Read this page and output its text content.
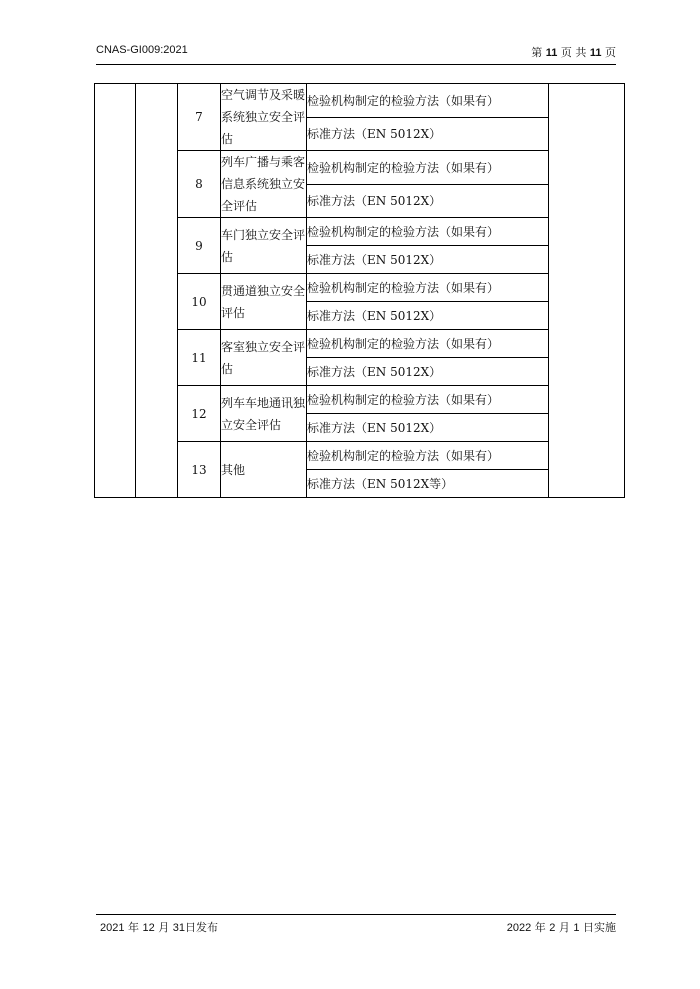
CNAS-GI009:2021	第 11 页 共 11 页
		7	空气调节及采暖系统独立安全评估	检验机构制定的检验方法（如果有）	
				标准方法（EN 5012X）	
		8	列车广播与乘客信息系统独立安全评估	检验机构制定的检验方法（如果有）	
				标准方法（EN 5012X）	
		9	车门独立安全评估	检验机构制定的检验方法（如果有）	
				标准方法（EN 5012X）	
		10	贯通道独立安全评估	检验机构制定的检验方法（如果有）	
				标准方法（EN 5012X）	
		11	客室独立安全评估	检验机构制定的检验方法（如果有）	
				标准方法（EN 5012X）	
		12	列车车地通讯独立安全评估	检验机构制定的检验方法（如果有）	
				标准方法（EN 5012X）	
		13	其他	检验机构制定的检验方法（如果有）	
				标准方法（EN 5012X等）	
2021 年 12 月 31日发布	2022 年 2 月 1 日实施
